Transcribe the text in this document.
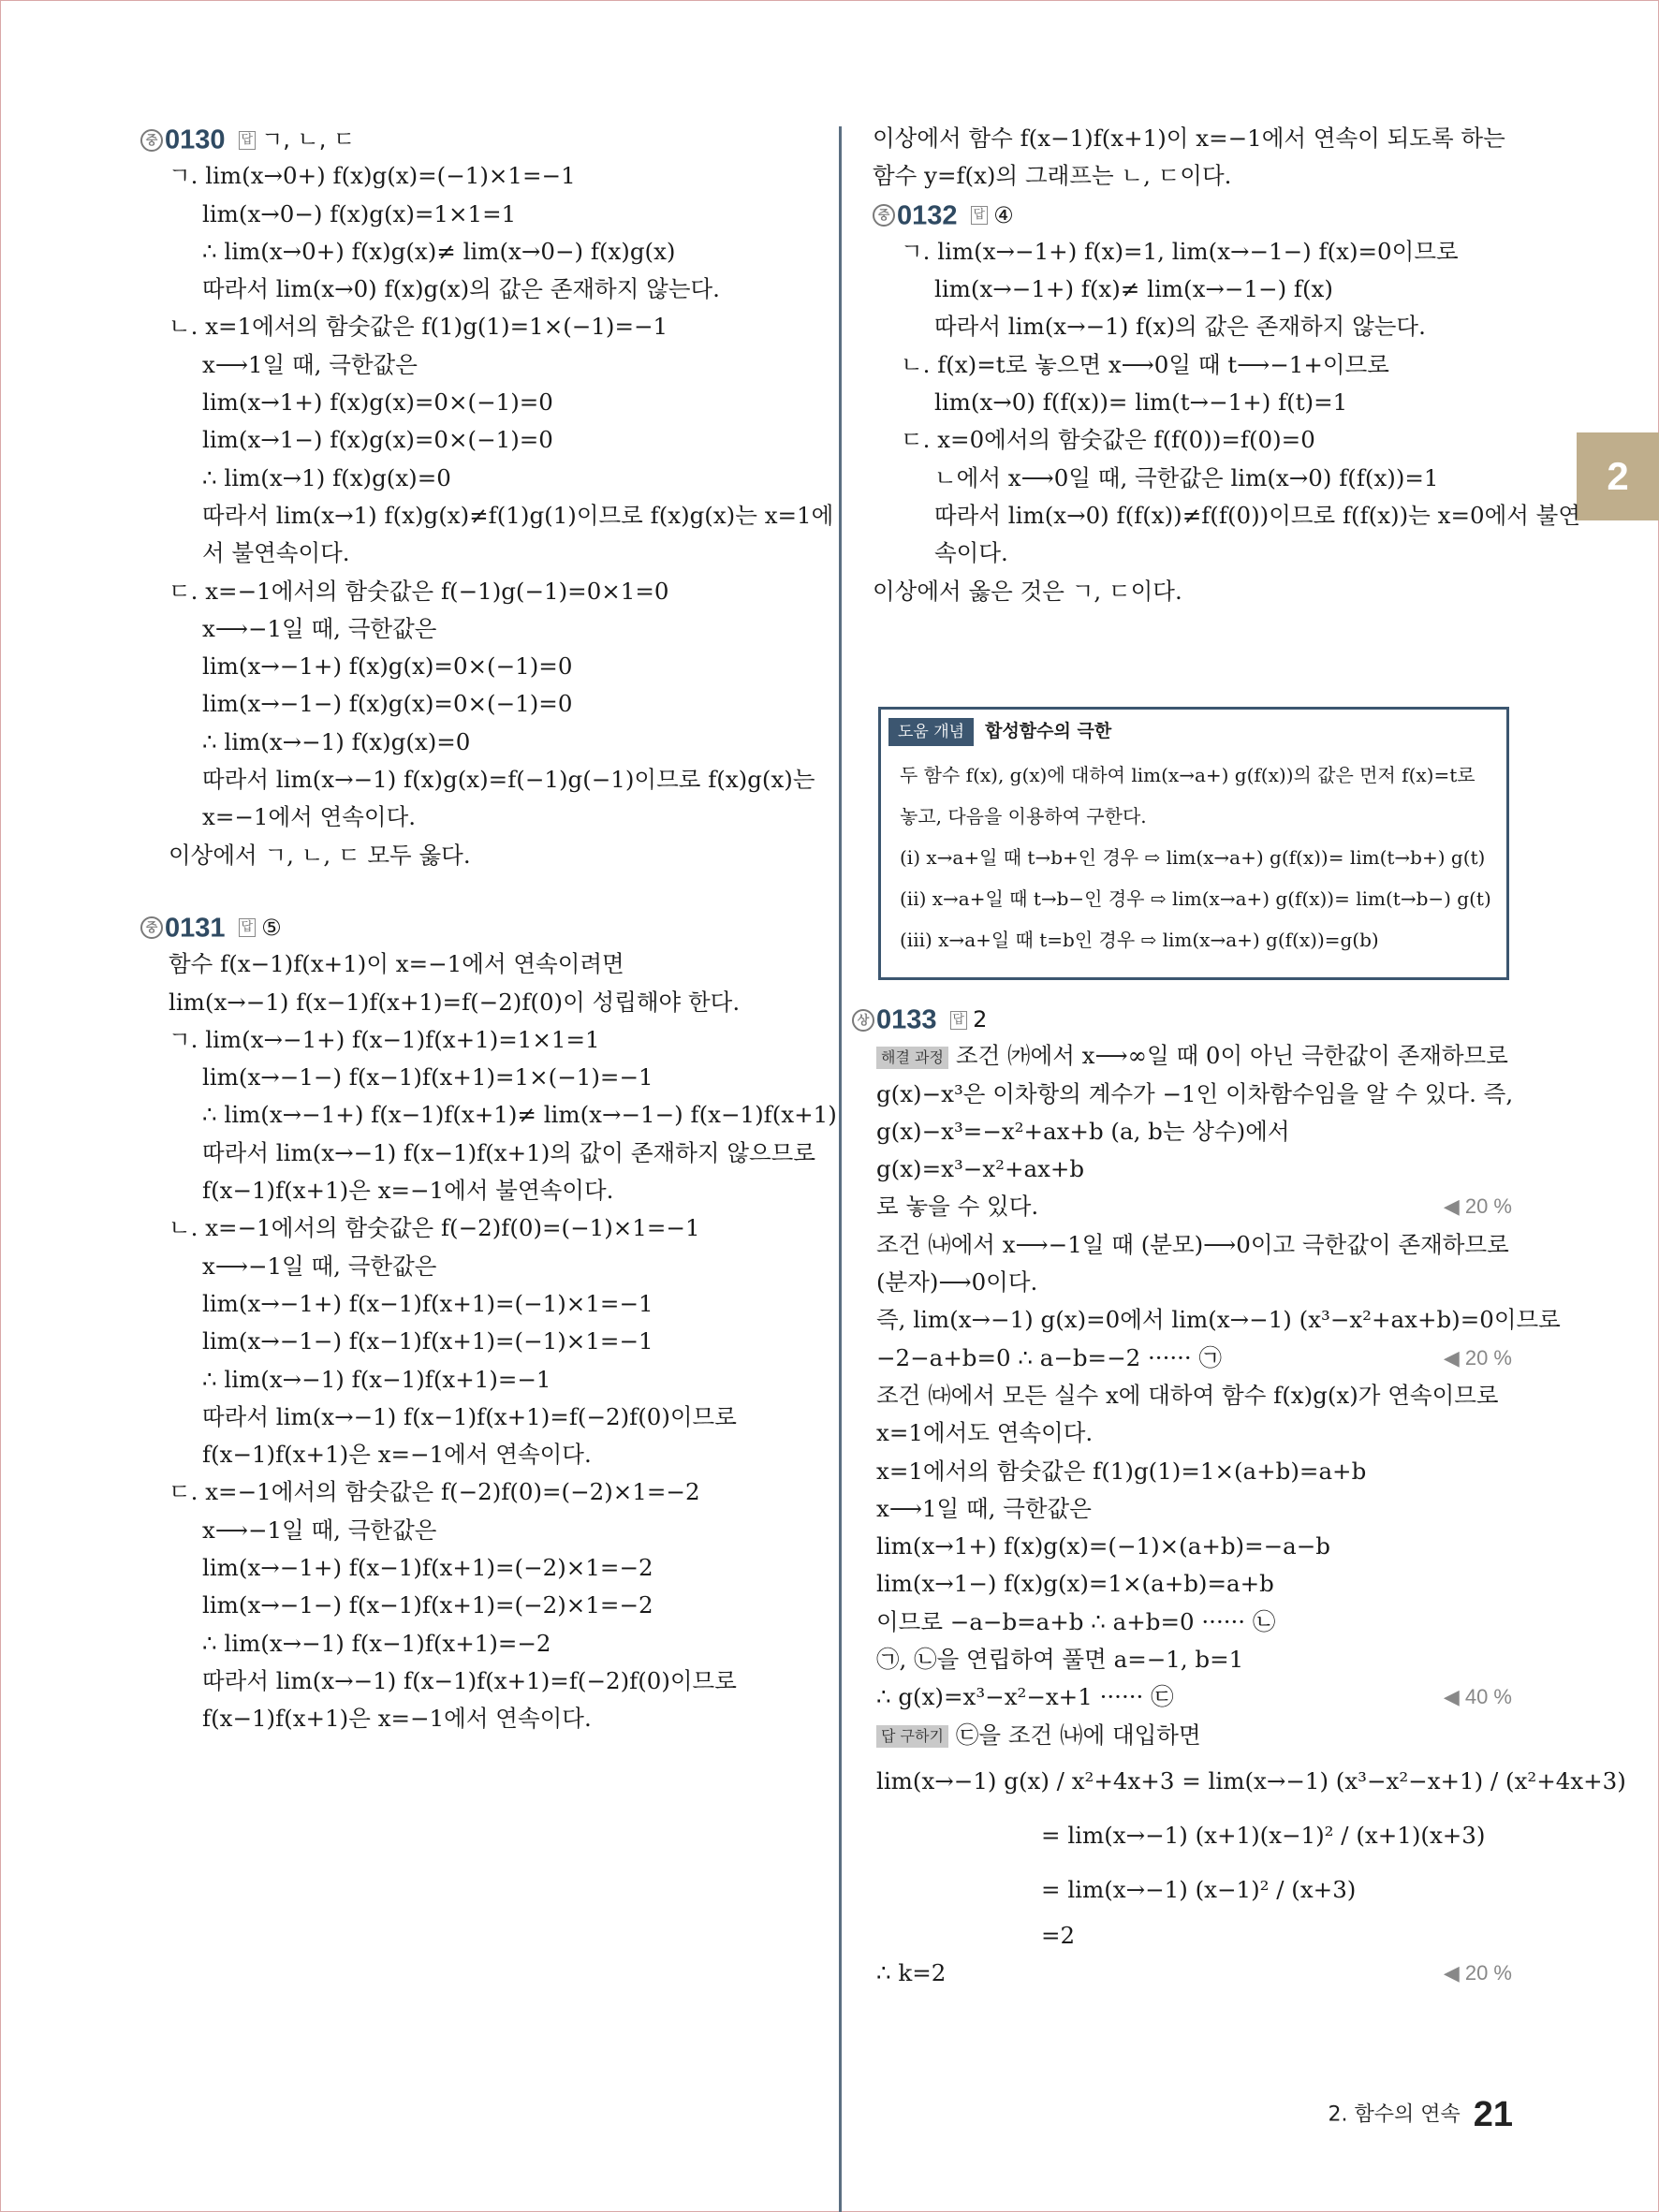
2
중 0130 답 ㄱ, ㄴ, ㄷ
ㄱ. lim(x→0+) f(x)g(x)=(−1)×1=−1
lim(x→0−) f(x)g(x)=1×1=1
∴ lim(x→0+) f(x)g(x)≠ lim(x→0−) f(x)g(x)
따라서 lim(x→0) f(x)g(x)의 값은 존재하지 않는다.
ㄴ. x=1에서의 함숫값은 f(1)g(1)=1×(−1)=−1
x⟶1일 때, 극한값은
lim(x→1+) f(x)g(x)=0×(−1)=0
lim(x→1−) f(x)g(x)=0×(−1)=0
∴ lim(x→1) f(x)g(x)=0
따라서 lim(x→1) f(x)g(x)≠f(1)g(1)이므로 f(x)g(x)는 x=1에
서 불연속이다.
ㄷ. x=−1에서의 함숫값은 f(−1)g(−1)=0×1=0
x⟶−1일 때, 극한값은
lim(x→−1+) f(x)g(x)=0×(−1)=0
lim(x→−1−) f(x)g(x)=0×(−1)=0
∴ lim(x→−1) f(x)g(x)=0
따라서 lim(x→−1) f(x)g(x)=f(−1)g(−1)이므로 f(x)g(x)는
x=−1에서 연속이다.
이상에서 ㄱ, ㄴ, ㄷ 모두 옳다.
중 0131 답 ⑤
함수 f(x−1)f(x+1)이 x=−1에서 연속이려면
lim(x→−1) f(x−1)f(x+1)=f(−2)f(0)이 성립해야 한다.
ㄱ. lim(x→−1+) f(x−1)f(x+1)=1×1=1
lim(x→−1−) f(x−1)f(x+1)=1×(−1)=−1
∴ lim(x→−1+) f(x−1)f(x+1)≠ lim(x→−1−) f(x−1)f(x+1)
따라서 lim(x→−1) f(x−1)f(x+1)의 값이 존재하지 않으므로
f(x−1)f(x+1)은 x=−1에서 불연속이다.
ㄴ. x=−1에서의 함숫값은 f(−2)f(0)=(−1)×1=−1
x⟶−1일 때, 극한값은
lim(x→−1+) f(x−1)f(x+1)=(−1)×1=−1
lim(x→−1−) f(x−1)f(x+1)=(−1)×1=−1
∴ lim(x→−1) f(x−1)f(x+1)=−1
따라서 lim(x→−1) f(x−1)f(x+1)=f(−2)f(0)이므로
f(x−1)f(x+1)은 x=−1에서 연속이다.
ㄷ. x=−1에서의 함숫값은 f(−2)f(0)=(−2)×1=−2
x⟶−1일 때, 극한값은
lim(x→−1+) f(x−1)f(x+1)=(−2)×1=−2
lim(x→−1−) f(x−1)f(x+1)=(−2)×1=−2
∴ lim(x→−1) f(x−1)f(x+1)=−2
따라서 lim(x→−1) f(x−1)f(x+1)=f(−2)f(0)이므로
f(x−1)f(x+1)은 x=−1에서 연속이다.
이상에서 함수 f(x−1)f(x+1)이 x=−1에서 연속이 되도록 하는
함수 y=f(x)의 그래프는 ㄴ, ㄷ이다.
중 0132 답 ④
ㄱ. lim(x→−1+) f(x)=1, lim(x→−1−) f(x)=0이므로
lim(x→−1+) f(x)≠ lim(x→−1−) f(x)
따라서 lim(x→−1) f(x)의 값은 존재하지 않는다.
ㄴ. f(x)=t로 놓으면 x⟶0일 때 t⟶−1+이므로
lim(x→0) f(f(x))= lim(t→−1+) f(t)=1
ㄷ. x=0에서의 함숫값은 f(f(0))=f(0)=0
ㄴ에서 x⟶0일 때, 극한값은 lim(x→0) f(f(x))=1
따라서 lim(x→0) f(f(x))≠f(f(0))이므로 f(f(x))는 x=0에서 불연
속이다.
이상에서 옳은 것은 ㄱ, ㄷ이다.
도움 개념 합성함수의 극한
두 함수 f(x), g(x)에 대하여 lim(x→a+) g(f(x))의 값은 먼저 f(x)=t로
놓고, 다음을 이용하여 구한다.
(i) x→a+일 때 t→b+인 경우 ⇨ lim(x→a+) g(f(x))= lim(t→b+) g(t)
(ii) x→a+일 때 t→b−인 경우 ⇨ lim(x→a+) g(f(x))= lim(t→b−) g(t)
(iii) x→a+일 때 t=b인 경우 ⇨ lim(x→a+) g(f(x))=g(b)
상 0133 답 2
해결 과정 조건 ㈎에서 x⟶∞일 때 0이 아닌 극한값이 존재하므로
g(x)−x³은 이차항의 계수가 −1인 이차함수임을 알 수 있다. 즉,
g(x)−x³=−x²+ax+b (a, b는 상수)에서
g(x)=x³−x²+ax+b
로 놓을 수 있다.	◀ 20 %
조건 ㈏에서 x⟶−1일 때 (분모)⟶0이고 극한값이 존재하므로
(분자)⟶0이다.
즉, lim(x→−1) g(x)=0에서 lim(x→−1) (x³−x²+ax+b)=0이므로
−2−a+b=0 ∴ a−b=−2 ······ ㉠	◀ 20 %
조건 ㈐에서 모든 실수 x에 대하여 함수 f(x)g(x)가 연속이므로
x=1에서도 연속이다.
x=1에서의 함숫값은 f(1)g(1)=1×(a+b)=a+b
x⟶1일 때, 극한값은
lim(x→1+) f(x)g(x)=(−1)×(a+b)=−a−b
lim(x→1−) f(x)g(x)=1×(a+b)=a+b
이므로 −a−b=a+b ∴ a+b=0 ······ ㉡
㉠, ㉡을 연립하여 풀면 a=−1, b=1
∴ g(x)=x³−x²−x+1 ······ ㉢	◀ 40 %
답 구하기 ㉢을 조건 ㈏에 대입하면
lim(x→−1) g(x) / x²+4x+3 = lim(x→−1) (x³−x²−x+1) / (x²+4x+3)
= lim(x→−1) (x+1)(x−1)² / (x+1)(x+3)
= lim(x→−1) (x−1)² / (x+3)
=2
∴ k=2	◀ 20 %
2. 함수의 연속 21
